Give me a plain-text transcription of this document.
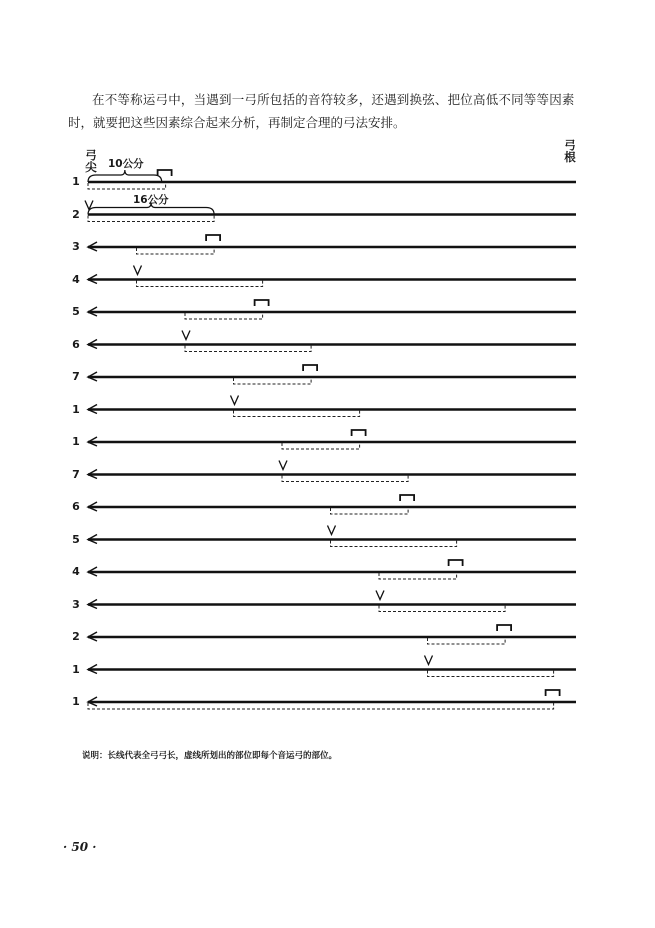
在不等称运弓中，当遇到一弓所包括的音符较多，还遇到换弦、把位高低不同等等因素
时，就要把这些因素综合起来分析，再制定合理的弓法安排。

弓尖
弓根
10公分
16公分
1
2
3
4
5
6
7
1
1
7
6
5
4
3
2
1
1
说明：长线代表全弓弓长，虚线所划出的部位即每个音运弓的部位。
· 50 ·
